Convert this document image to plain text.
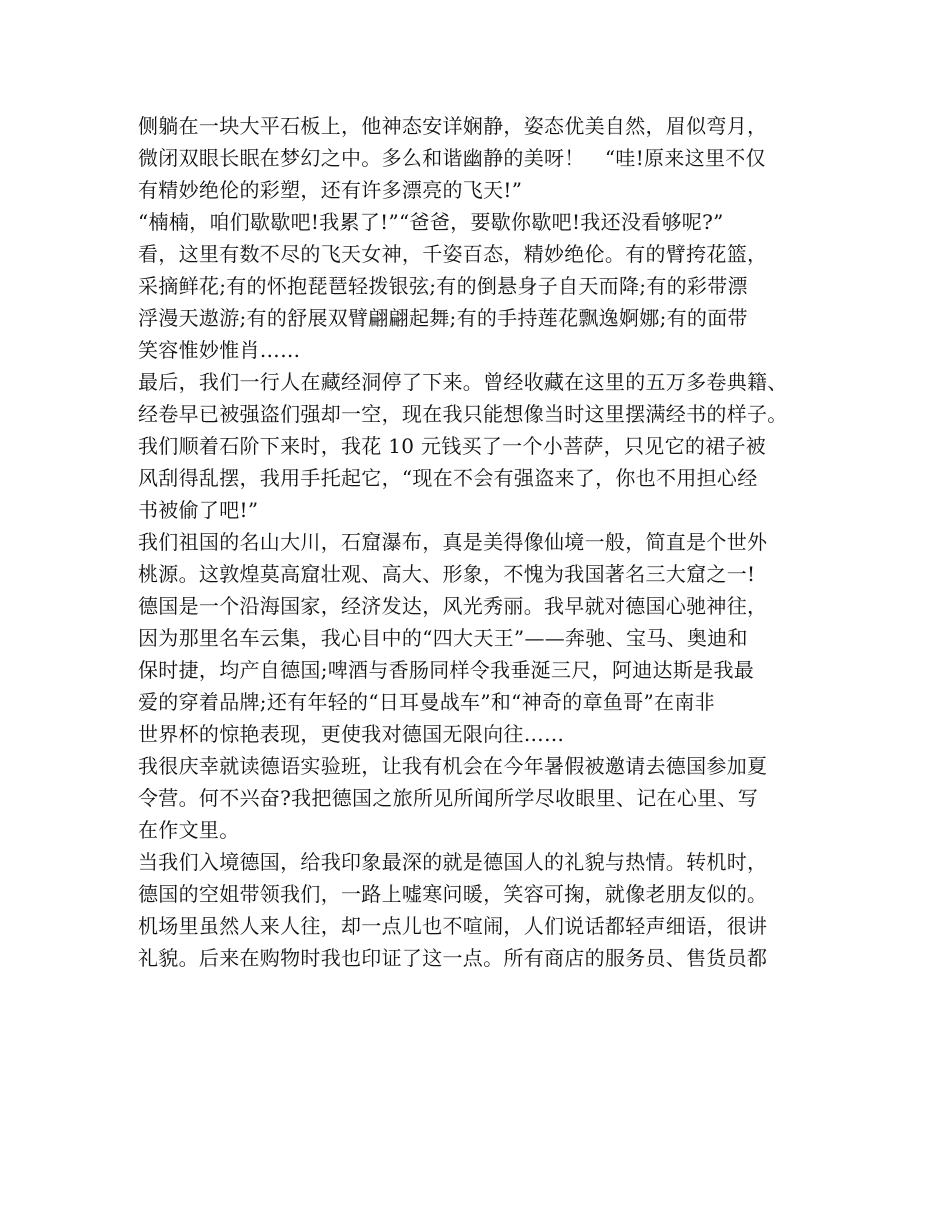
侧躺在一块大平石板上，他神态安详娴静，姿态优美自然，眉似弯月，
微闭双眼长眠在梦幻之中。多么和谐幽静的美呀！　“哇!原来这里不仅
有精妙绝伦的彩塑，还有许多漂亮的飞天!”
“楠楠，咱们歇歇吧!我累了!”“爸爸，要歇你歇吧!我还没看够呢?”
看，这里有数不尽的飞天女神，千姿百态，精妙绝伦。有的臂挎花篮，
采摘鲜花;有的怀抱琵琶轻拨银弦;有的倒悬身子自天而降;有的彩带漂
浮漫天遨游;有的舒展双臂翩翩起舞;有的手持莲花飘逸婀娜;有的面带
笑容惟妙惟肖……
最后，我们一行人在藏经洞停了下来。曾经收藏在这里的五万多卷典籍、
经卷早已被强盗们强却一空，现在我只能想像当时这里摆满经书的样子。
我们顺着石阶下来时，我花 10 元钱买了一个小菩萨，只见它的裙子被
风刮得乱摆，我用手托起它，“现在不会有强盗来了，你也不用担心经
书被偷了吧!”
我们祖国的名山大川，石窟瀑布，真是美得像仙境一般，简直是个世外
桃源。这敦煌莫高窟壮观、高大、形象，不愧为我国著名三大窟之一!
德国是一个沿海国家，经济发达，风光秀丽。我早就对德国心驰神往，
因为那里名车云集，我心目中的“四大天王”——奔驰、宝马、奥迪和
保时捷，均产自德国;啤酒与香肠同样令我垂涎三尺，阿迪达斯是我最
爱的穿着品牌;还有年轻的“日耳曼战车”和“神奇的章鱼哥”在南非
世界杯的惊艳表现，更使我对德国无限向往……
我很庆幸就读德语实验班，让我有机会在今年暑假被邀请去德国参加夏
令营。何不兴奋?我把德国之旅所见所闻所学尽收眼里、记在心里、写
在作文里。
当我们入境德国，给我印象最深的就是德国人的礼貌与热情。转机时，
德国的空姐带领我们，一路上嘘寒问暖，笑容可掬，就像老朋友似的。
机场里虽然人来人往，却一点儿也不喧闹，人们说话都轻声细语，很讲
礼貌。后来在购物时我也印证了这一点。所有商店的服务员、售货员都
